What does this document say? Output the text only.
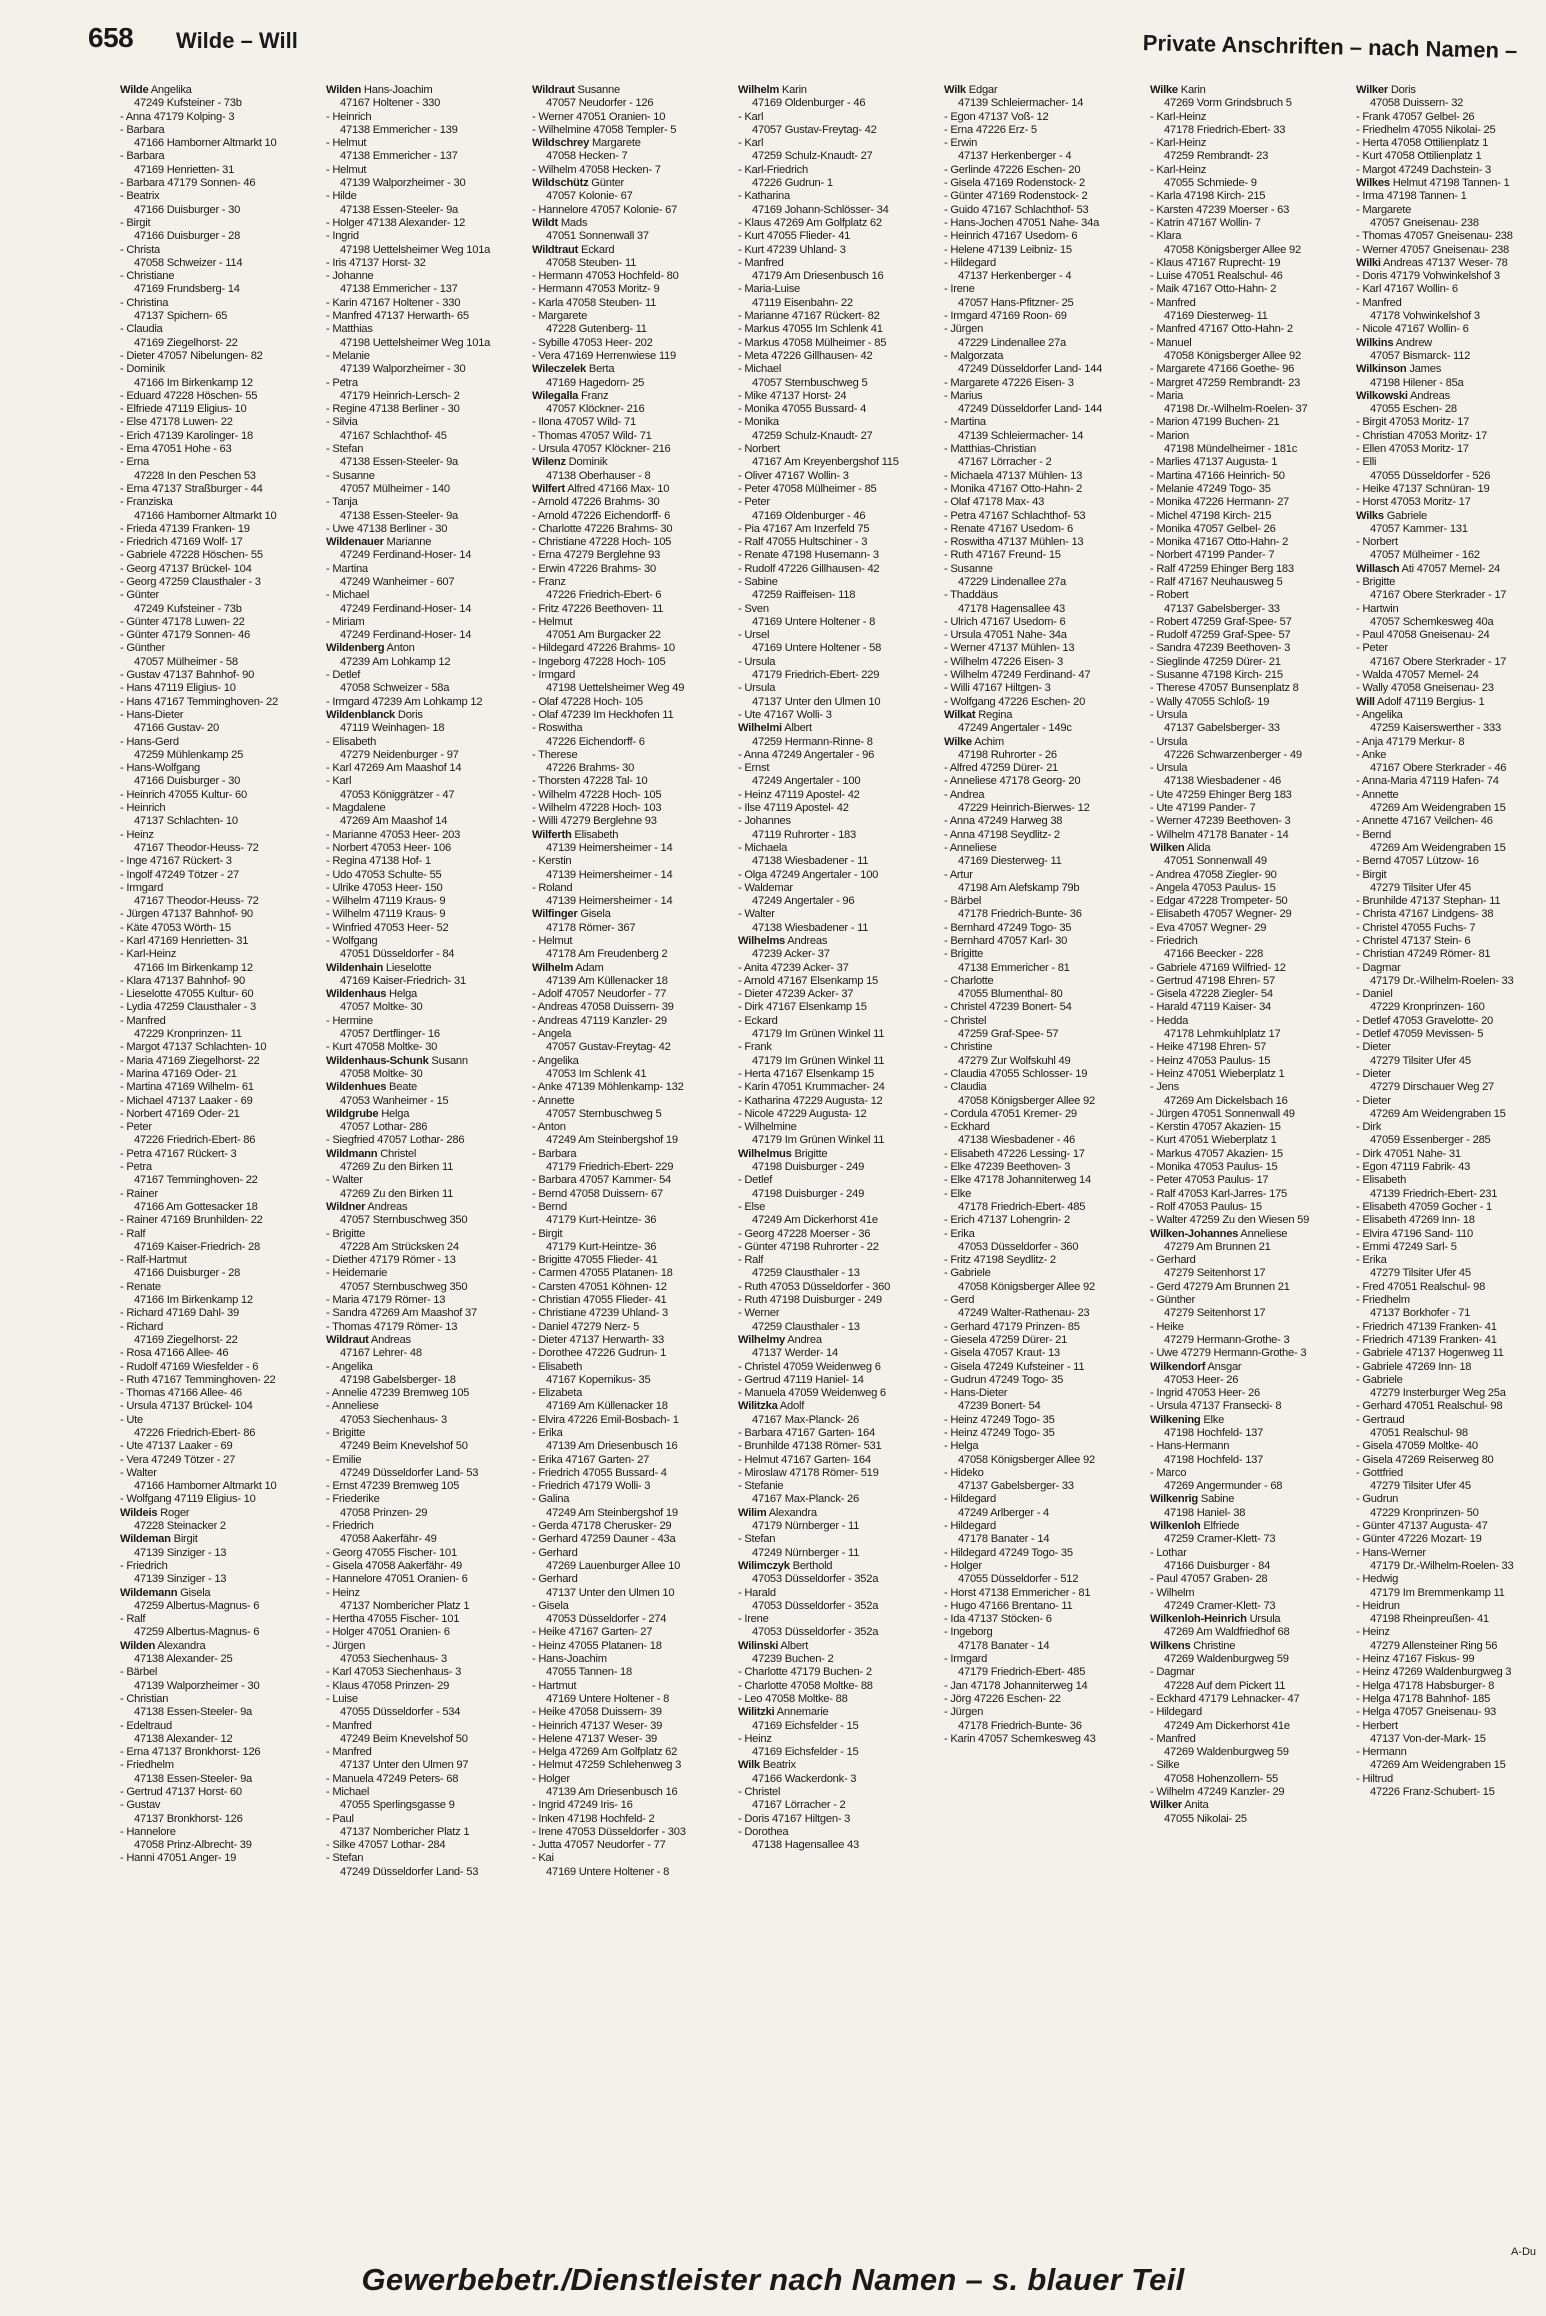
658 Wilde – Will	Private Anschriften – nach Namen –
Wilde Angelika
47249 Kufsteiner - 73b
- Anna 47179 Kolping- 3
- Barbara
47166 Hamborner Altmarkt 10
- Barbara
47169 Henrietten- 31
- Barbara 47179 Sonnen- 46
- Beatrix
47166 Duisburger - 30
- Birgit
47166 Duisburger - 28
- Christa
47058 Schweizer - 114
- Christiane
47169 Frundsberg- 14
- Christina
47137 Spichern- 65
- Claudia
47169 Ziegelhorst- 22
- Dieter 47057 Nibelungen- 82
- Dominik
47166 Im Birkenkamp 12
- Eduard 47228 Höschen- 55
- Elfriede 47119 Eligius- 10
- Else 47178 Luwen- 22
- Erich 47139 Karolinger- 18
- Erna 47051 Hohe - 63
- Erna
47228 In den Peschen 53
- Erna 47137 Straßburger - 44
- Franziska
47166 Hamborner Altmarkt 10
- Frieda 47139 Franken- 19
- Friedrich 47169 Wolf- 17
- Gabriele 47228 Höschen- 55
- Georg 47137 Brückel- 104
- Georg 47259 Clausthaler - 3
- Günter
47249 Kufsteiner - 73b
- Günter 47178 Luwen- 22
- Günter 47179 Sonnen- 46
- Günther
47057 Mülheimer - 58
- Gustav 47137 Bahnhof- 90
- Hans 47119 Eligius- 10
- Hans 47167 Temminghoven- 22
- Hans-Dieter
47166 Gustav- 20
- Hans-Gerd
47259 Mühlenkamp 25
- Hans-Wolfgang
47166 Duisburger - 30
- Heinrich 47055 Kultur- 60
- Heinrich
47137 Schlachten- 10
- Heinz
47167 Theodor-Heuss- 72
- Inge 47167 Rückert- 3
- Ingolf 47249 Tötzer - 27
- Irmgard
47167 Theodor-Heuss- 72
- Jürgen 47137 Bahnhof- 90
- Käte 47053 Wörth- 15
- Karl 47169 Henrietten- 31
- Karl-Heinz
47166 Im Birkenkamp 12
- Klara 47137 Bahnhof- 90
- Lieselotte 47055 Kultur- 60
- Lydia 47259 Clausthaler - 3
- Manfred
47229 Kronprinzen- 11
- Margot 47137 Schlachten- 10
- Maria 47169 Ziegelhorst- 22
- Marina 47169 Oder- 21
- Martina 47169 Wilhelm- 61
- Michael 47137 Laaker - 69
- Norbert 47169 Oder- 21
- Peter
47226 Friedrich-Ebert- 86
- Petra 47167 Rückert- 3
- Petra
47167 Temminghoven- 22
- Rainer
47166 Am Gottesacker 18
- Rainer 47169 Brunhilden- 22
- Ralf
47169 Kaiser-Friedrich- 28
- Ralf-Hartmut
47166 Duisburger - 28
- Renate
47166 Im Birkenkamp 12
- Richard 47169 Dahl- 39
- Richard
47169 Ziegelhorst- 22
- Rosa 47166 Allee- 46
- Rudolf 47169 Wiesfelder - 6
- Ruth 47167 Temminghoven- 22
- Thomas 47166 Allee- 46
- Ursula 47137 Brückel- 104
- Ute
47226 Friedrich-Ebert- 86
- Ute 47137 Laaker - 69
- Vera 47249 Tötzer - 27
- Walter
47166 Hamborner Altmarkt 10
- Wolfgang 47119 Eligius- 10
Wildeis Roger
47228 Steinacker 2
Wildeman Birgit
47139 Sinziger - 13
- Friedrich
47139 Sinziger - 13
Wildemann Gisela
47259 Albertus-Magnus- 6
- Ralf
47259 Albertus-Magnus- 6
Wilden Alexandra
47138 Alexander- 25
- Bärbel
47139 Walporzheimer - 30
- Christian
47138 Essen-Steeler- 9a
- Edeltraud
47138 Alexander- 12
- Erna 47137 Bronkhorst- 126
- Friedhelm
47138 Essen-Steeler- 9a
- Gertrud 47137 Horst- 60
- Gustav
47137 Bronkhorst- 126
- Hannelore
47058 Prinz-Albrecht- 39
- Hanni 47051 Anger- 19
Wilden Hans-Joachim
47167 Holtener - 330
- Heinrich
47138 Emmericher - 139
- Helmut
47138 Emmericher - 137
- Helmut
47139 Walporzheimer - 30
- Hilde
47138 Essen-Steeler- 9a
- Holger 47138 Alexander- 12
- Ingrid
47198 Uettelsheimer Weg 101a
- Iris 47137 Horst- 32
- Johanne
47138 Emmericher - 137
- Karin 47167 Holtener - 330
- Manfred 47137 Herwarth- 65
- Matthias
47198 Uettelsheimer Weg 101a
- Melanie
47139 Walporzheimer - 30
- Petra
47179 Heinrich-Lersch- 2
- Regine 47138 Berliner - 30
- Silvia
47167 Schlachthof- 45
- Stefan
47138 Essen-Steeler- 9a
- Susanne
47057 Mülheimer - 140
- Tanja
47138 Essen-Steeler- 9a
- Uwe 47138 Berliner - 30
Wildenauer Marianne
47249 Ferdinand-Hoser- 14
- Martina
47249 Wanheimer - 607
- Michael
47249 Ferdinand-Hoser- 14
- Miriam
47249 Ferdinand-Hoser- 14
Wildenberg Anton
47239 Am Lohkamp 12
- Detlef
47058 Schweizer - 58a
- Irmgard 47239 Am Lohkamp 12
Wildenblanck Doris
47119 Weinhagen- 18
- Elisabeth
47279 Neidenburger - 97
- Karl 47269 Am Maashof 14
- Karl
47053 Königgrätzer - 47
- Magdalene
47269 Am Maashof 14
- Marianne 47053 Heer- 203
- Norbert 47053 Heer- 106
- Regina 47138 Hof- 1
- Udo 47053 Schulte- 55
- Ulrike 47053 Heer- 150
- Wilhelm 47119 Kraus- 9
- Wilhelm 47119 Kraus- 9
- Winfried 47053 Heer- 52
- Wolfgang
47051 Düsseldorfer - 84
Wildenhain Lieselotte
47169 Kaiser-Friedrich- 31
Wildenhaus Helga
47057 Moltke- 30
- Hermine
47057 Dertflinger- 16
- Kurt 47058 Moltke- 30
Wildenhaus-Schunk Susann
47058 Moltke- 30
Wildenhues Beate
47053 Wanheimer - 15
Wildgrube Helga
47057 Lothar- 286
- Siegfried 47057 Lothar- 286
Wildmann Christel
47269 Zu den Birken 11
- Walter
47269 Zu den Birken 11
Wildner Andreas
47057 Sternbuschweg 350
- Brigitte
47228 Am Strücksken 24
- Diether 47179 Römer - 13
- Heidemarie
47057 Sternbuschweg 350
- Maria 47179 Römer- 13
- Sandra 47269 Am Maashof 37
- Thomas 47179 Römer- 13
Wildraut Andreas
47167 Lehrer- 48
- Angelika
47198 Gabelsberger- 18
- Annelie 47239 Bremweg 105
- Anneliese
47053 Siechenhaus- 3
- Brigitte
47249 Beim Knevelshof 50
- Emilie
47249 Düsseldorfer Land- 53
- Ernst 47239 Bremweg 105
- Friederike
47058 Prinzen- 29
- Friedrich
47058 Aakerfähr- 49
- Georg 47055 Fischer- 101
- Gisela 47058 Aakerfähr- 49
- Hannelore 47051 Oranien- 6
- Heinz
47137 Nombericher Platz 1
- Hertha 47055 Fischer- 101
- Holger 47051 Oranien- 6
- Jürgen
47053 Siechenhaus- 3
- Karl 47053 Siechenhaus- 3
- Klaus 47058 Prinzen- 29
- Luise
47055 Düsseldorfer - 534
- Manfred
47249 Beim Knevelshof 50
- Manfred
47137 Unter den Ulmen 97
- Manuela 47249 Peters- 68
- Michael
47055 Sperlingsgasse 9
- Paul
47137 Nombericher Platz 1
- Silke 47057 Lothar- 284
- Stefan
47249 Düsseldorfer Land- 53
Wildraut Susanne
47057 Neudorfer - 126
- Werner 47051 Oranien- 10
- Wilhelmine 47058 Templer- 5
Wildschrey Margarete
47058 Hecken- 7
- Wilhelm 47058 Hecken- 7
Wildschütz Günter
47057 Kolonie- 67
- Hannelore 47057 Kolonie- 67
Wildt Mads
47051 Sonnenwall 37
Wildtraut Eckard
47058 Steuben- 11
- Hermann 47053 Hochfeld- 80
- Hermann 47053 Moritz- 9
- Karla 47058 Steuben- 11
- Margarete
47228 Gutenberg- 11
- Sybille 47053 Heer- 202
- Vera 47169 Herrenwiese 119
Wileczelek Berta
47169 Hagedorn- 25
Wilegalla Franz
47057 Klöckner- 216
- Ilona 47057 Wild- 71
- Thomas 47057 Wild- 71
- Ursula 47057 Klöckner- 216
Wilenz Dominik
47138 Oberhauser - 8
Wilfert Alfred 47166 Max- 10
- Arnold 47226 Brahms- 30
- Arnold 47226 Eichendorff- 6
- Charlotte 47226 Brahms- 30
- Christiane 47228 Hoch- 105
- Erna 47279 Berglehne 93
- Erwin 47226 Brahms- 30
- Franz
47226 Friedrich-Ebert- 6
- Fritz 47226 Beethoven- 11
- Helmut
47051 Am Burgacker 22
- Hildegard 47226 Brahms- 10
- Ingeborg 47228 Hoch- 105
- Irmgard
47198 Uettelsheimer Weg 49
- Olaf 47228 Hoch- 105
- Olaf 47239 Im Heckhofen 11
- Roswitha
47226 Eichendorff- 6
- Therese
47226 Brahms- 30
- Thorsten 47228 Tal- 10
- Wilhelm 47228 Hoch- 105
- Wilhelm 47228 Hoch- 103
- Willi 47279 Berglehne 93
Wilferth Elisabeth
47139 Heimersheimer - 14
- Kerstin
47139 Heimersheimer - 14
- Roland
47139 Heimersheimer - 14
Wilfinger Gisela
47178 Römer- 367
- Helmut
47178 Am Freudenberg 2
Wilhelm Adam
47139 Am Küllenacker 18
- Adolf 47057 Neudorfer - 77
- Andreas 47058 Duissern- 39
- Andreas 47119 Kanzler- 29
- Angela
47057 Gustav-Freytag- 42
- Angelika
47053 Im Schlenk 41
- Anke 47139 Möhlenkamp- 132
- Annette
47057 Sternbuschweg 5
- Anton
47249 Am Steinbergshof 19
- Barbara
47179 Friedrich-Ebert- 229
- Barbara 47057 Kammer- 54
- Bernd 47058 Duissern- 67
- Bernd
47179 Kurt-Heintze- 36
- Birgit
47179 Kurt-Heintze- 36
- Brigitte 47055 Flieder- 41
- Carmen 47055 Platanen- 18
- Carsten 47051 Köhnen- 12
- Christian 47055 Flieder- 41
- Christiane 47239 Uhland- 3
- Daniel 47279 Nerz- 5
- Dieter 47137 Herwarth- 33
- Dorothee 47226 Gudrun- 1
- Elisabeth
47167 Kopernikus- 35
- Elizabeta
47169 Am Küllenacker 18
- Elvira 47226 Emil-Bosbach- 1
- Erika
47139 Am Driesenbusch 16
- Erika 47167 Garten- 27
- Friedrich 47055 Bussard- 4
- Friedrich 47179 Wolli- 3
- Galina
47249 Am Steinbergshof 19
- Gerda 47178 Cherusker- 29
- Gerhard 47259 Dauner - 43a
- Gerhard
47269 Lauenburger Allee 10
- Gerhard
47137 Unter den Ulmen 10
- Gisela
47053 Düsseldorfer - 274
- Heike 47167 Garten- 27
- Heinz 47055 Platanen- 18
- Hans-Joachim
47055 Tannen- 18
- Hartmut
47169 Untere Holtener - 8
- Heike 47058 Duissern- 39
- Heinrich 47137 Weser- 39
- Helene 47137 Weser- 39
- Helga 47269 Am Golfplatz 62
- Helmut 47259 Schlehenweg 3
- Holger
47139 Am Driesenbusch 16
- Ingrid 47249 Iris- 16
- Inken 47198 Hochfeld- 2
- Irene 47053 Düsseldorfer - 303
- Jutta 47057 Neudorfer - 77
- Kai
47169 Untere Holtener - 8
Wilhelm Karin
47169 Oldenburger - 46
- Karl
47057 Gustav-Freytag- 42
- Karl
47259 Schulz-Knaudt- 27
- Karl-Friedrich
47226 Gudrun- 1
- Katharina
47169 Johann-Schlösser- 34
- Klaus 47269 Am Golfplatz 62
- Kurt 47055 Flieder- 41
- Kurt 47239 Uhland- 3
- Manfred
47179 Am Driesenbusch 16
- Maria-Luise
47119 Eisenbahn- 22
- Marianne 47167 Rückert- 82
- Markus 47055 Im Schlenk 41
- Markus 47058 Mülheimer - 85
- Meta 47226 Gillhausen- 42
- Michael
47057 Sternbuschweg 5
- Mike 47137 Horst- 24
- Monika 47055 Bussard- 4
- Monika
47259 Schulz-Knaudt- 27
- Norbert
47167 Am Kreyenbergshof 115
- Oliver 47167 Wollin- 3
- Peter 47058 Mülheimer - 85
- Peter
47169 Oldenburger - 46
- Pia 47167 Am Inzerfeld 75
- Ralf 47055 Hultschiner - 3
- Renate 47198 Husemann- 3
- Rudolf 47226 Gillhausen- 42
- Sabine
47259 Raiffeisen- 118
- Sven
47169 Untere Holtener - 8
- Ursel
47169 Untere Holtener - 58
- Ursula
47179 Friedrich-Ebert- 229
- Ursula
47137 Unter den Ulmen 10
- Ute 47167 Wolli- 3
Wilhelmi Albert
47259 Hermann-Rinne- 8
- Anna 47249 Angertaler - 96
- Ernst
47249 Angertaler - 100
- Heinz 47119 Apostel- 42
- Ilse 47119 Apostel- 42
- Johannes
47119 Ruhrorter - 183
- Michaela
47138 Wiesbadener - 11
- Olga 47249 Angertaler - 100
- Waldemar
47249 Angertaler - 96
- Walter
47138 Wiesbadener - 11
Wilhelms Andreas
47239 Acker- 37
- Anita 47239 Acker- 37
- Arnold 47167 Elsenkamp 15
- Dieter 47239 Acker- 37
- Dirk 47167 Elsenkamp 15
- Eckard
47179 Im Grünen Winkel 11
- Frank
47179 Im Grünen Winkel 11
- Herta 47167 Elsenkamp 15
- Karin 47051 Krummacher- 24
- Katharina 47229 Augusta- 12
- Nicole 47229 Augusta- 12
- Wilhelmine
47179 Im Grünen Winkel 11
Wilhelmus Brigitte
47198 Duisburger - 249
- Detlef
47198 Duisburger - 249
- Else
47249 Am Dickerhorst 41e
- Georg 47228 Moerser - 36
- Günter 47198 Ruhrorter - 22
- Ralf
47259 Clausthaler - 13
- Ruth 47053 Düsseldorfer - 360
- Ruth 47198 Duisburger - 249
- Werner
47259 Clausthaler - 13
Wilhelmy Andrea
47137 Werder- 14
- Christel 47059 Weidenweg 6
- Gertrud 47119 Haniel- 14
- Manuela 47059 Weidenweg 6
Wilitzka Adolf
47167 Max-Planck- 26
- Barbara 47167 Garten- 164
- Brunhilde 47138 Römer- 531
- Helmut 47167 Garten- 164
- Miroslaw 47178 Römer- 519
- Stefanie
47167 Max-Planck- 26
Wilim Alexandra
47179 Nürnberger - 11
- Stefan
47249 Nürnberger - 11
Wilimczyk Berthold
47053 Düsseldorfer - 352a
- Harald
47053 Düsseldorfer - 352a
- Irene
47053 Düsseldorfer - 352a
Wilinski Albert
47239 Buchen- 2
- Charlotte 47179 Buchen- 2
- Charlotte 47058 Moltke- 88
- Leo 47058 Moltke- 88
Wilitzki Annemarie
47169 Eichsfelder - 15
- Heinz
47169 Eichsfelder - 15
Wilk Beatrix
47166 Wackerdonk- 3
- Christel
47167 Lörracher - 2
- Doris 47167 Hiltgen- 3
- Dorothea
47138 Hagensallee 43
Wilk Edgar
47139 Schleiermacher- 14
- Egon 47137 Voß- 12
- Erna 47226 Erz- 5
- Erwin
47137 Herkenberger - 4
- Gerlinde 47226 Eschen- 20
- Gisela 47169 Rodenstock- 2
- Günter 47169 Rodenstock- 2
- Guido 47167 Schlachthof- 53
- Hans-Jochen 47051 Nahe- 34a
- Heinrich 47167 Usedom- 6
- Helene 47139 Leibniz- 15
- Hildegard
47137 Herkenberger - 4
- Irene
47057 Hans-Pfitzner- 25
- Irmgard 47169 Roon- 69
- Jürgen
47229 Lindenallee 27a
- Malgorzata
47249 Düsseldorfer Land- 144
- Margarete 47226 Eisen- 3
- Marius
47249 Düsseldorfer Land- 144
- Martina
47139 Schleiermacher- 14
- Matthias-Christian
47167 Lörracher - 2
- Michaela 47137 Mühlen- 13
- Monika 47167 Otto-Hahn- 2
- Olaf 47178 Max- 43
- Petra 47167 Schlachthof- 53
- Renate 47167 Usedom- 6
- Roswitha 47137 Mühlen- 13
- Ruth 47167 Freund- 15
- Susanne
47229 Lindenallee 27a
- Thaddäus
47178 Hagensallee 43
- Ulrich 47167 Usedom- 6
- Ursula 47051 Nahe- 34a
- Werner 47137 Mühlen- 13
- Wilhelm 47226 Eisen- 3
- Wilhelm 47249 Ferdinand- 47
- Willi 47167 Hiltgen- 3
- Wolfgang 47226 Eschen- 20
Wilkat Regina
47249 Angertaler - 149c
Wilke Achim
47198 Ruhrorter - 26
- Alfred 47259 Dürer- 21
- Anneliese 47178 Georg- 20
- Andrea
47229 Heinrich-Bierwes- 12
- Anna 47249 Harweg 38
- Anna 47198 Seydlitz- 2
- Anneliese
47169 Diesterweg- 11
- Artur
47198 Am Alefskamp 79b
- Bärbel
47178 Friedrich-Bunte- 36
- Bernhard 47249 Togo- 35
- Bernhard 47057 Karl- 30
- Brigitte
47138 Emmericher - 81
- Charlotte
47055 Blumenthal- 80
- Christel 47239 Bonert- 54
- Christel
47259 Graf-Spee- 57
- Christine
47279 Zur Wolfskuhl 49
- Claudia 47055 Schlosser- 19
- Claudia
47058 Königsberger Allee 92
- Cordula 47051 Kremer- 29
- Eckhard
47138 Wiesbadener - 46
- Elisabeth 47226 Lessing- 17
- Elke 47239 Beethoven- 3
- Elke 47178 Johanniterweg 14
- Elke
47178 Friedrich-Ebert- 485
- Erich 47137 Lohengrin- 2
- Erika
47053 Düsseldorfer - 360
- Fritz 47198 Seydlitz- 2
- Gabriele
47058 Königsberger Allee 92
- Gerd
47249 Walter-Rathenau- 23
- Gerhard 47179 Prinzen- 85
- Giesela 47259 Dürer- 21
- Gisela 47057 Kraut- 13
- Gisela 47249 Kufsteiner - 11
- Gudrun 47249 Togo- 35
- Hans-Dieter
47239 Bonert- 54
- Heinz 47249 Togo- 35
- Heinz 47249 Togo- 35
- Helga
47058 Königsberger Allee 92
- Hideko
47137 Gabelsberger- 33
- Hildegard
47249 Arlberger - 4
- Hildegard
47178 Banater - 14
- Hildegard 47249 Togo- 35
- Holger
47055 Düsseldorfer - 512
- Horst 47138 Emmericher - 81
- Hugo 47166 Brentano- 11
- Ida 47137 Stöcken- 6
- Ingeborg
47178 Banater - 14
- Irmgard
47179 Friedrich-Ebert- 485
- Jan 47178 Johanniterweg 14
- Jörg 47226 Eschen- 22
- Jürgen
47178 Friedrich-Bunte- 36
- Karin 47057 Schemkesweg 43
Wilke Karin
47269 Vorm Grindsbruch 5
- Karl-Heinz
47178 Friedrich-Ebert- 33
- Karl-Heinz
47259 Rembrandt- 23
- Karl-Heinz
47055 Schmiede- 9
- Karla 47198 Kirch- 215
- Karsten 47239 Moerser - 63
- Katrin 47167 Wollin- 7
- Klara
47058 Königsberger Allee 92
- Klaus 47167 Ruprecht- 19
- Luise 47051 Realschul- 46
- Maik 47167 Otto-Hahn- 2
- Manfred
47169 Diesterweg- 11
- Manfred 47167 Otto-Hahn- 2
- Manuel
47058 Königsberger Allee 92
- Margarete 47166 Goethe- 96
- Margret 47259 Rembrandt- 23
- Maria
47198 Dr.-Wilhelm-Roelen- 37
- Marion 47199 Buchen- 21
- Marion
47198 Mündelheimer - 181c
- Marlies 47137 Augusta- 1
- Martina 47166 Heinrich- 50
- Melanie 47249 Togo- 35
- Monika 47226 Hermann- 27
- Michel 47198 Kirch- 215
- Monika 47057 Gelbel- 26
- Monika 47167 Otto-Hahn- 2
- Norbert 47199 Pander- 7
- Ralf 47259 Ehinger Berg 183
- Ralf 47167 Neuhausweg 5
- Robert
47137 Gabelsberger- 33
- Robert 47259 Graf-Spee- 57
- Rudolf 47259 Graf-Spee- 57
- Sandra 47239 Beethoven- 3
- Sieglinde 47259 Dürer- 21
- Susanne 47198 Kirch- 215
- Therese 47057 Bunsenplatz 8
- Wally 47055 Schloß- 19
- Ursula
47137 Gabelsberger- 33
- Ursula
47226 Schwarzenberger - 49
- Ursula
47138 Wiesbadener - 46
- Ute 47259 Ehinger Berg 183
- Ute 47199 Pander- 7
- Werner 47239 Beethoven- 3
- Wilhelm 47178 Banater - 14
Wilken Alida
47051 Sonnenwall 49
- Andrea 47058 Ziegler- 90
- Angela 47053 Paulus- 15
- Edgar 47228 Trompeter- 50
- Elisabeth 47057 Wegner- 29
- Eva 47057 Wegner- 29
- Friedrich
47166 Beecker - 228
- Gabriele 47169 Wilfried- 12
- Gertrud 47198 Ehren- 57
- Gisela 47228 Ziegler- 54
- Harald 47119 Kaiser- 34
- Hedda
47178 Lehmkuhlplatz 17
- Heike 47198 Ehren- 57
- Heinz 47053 Paulus- 15
- Heinz 47051 Wieberplatz 1
- Jens
47269 Am Dickelsbach 16
- Jürgen 47051 Sonnenwall 49
- Kerstin 47057 Akazien- 15
- Kurt 47051 Wieberplatz 1
- Markus 47057 Akazien- 15
- Monika 47053 Paulus- 15
- Peter 47053 Paulus- 17
- Ralf 47053 Karl-Jarres- 175
- Rolf 47053 Paulus- 15
- Walter 47259 Zu den Wiesen 59
Wilken-Johannes Anneliese
47279 Am Brunnen 21
- Gerhard
47279 Seitenhorst 17
- Gerd 47279 Am Brunnen 21
- Günther
47279 Seitenhorst 17
- Heike
47279 Hermann-Grothe- 3
- Uwe 47279 Hermann-Grothe- 3
Wilkendorf Ansgar
47053 Heer- 26
- Ingrid 47053 Heer- 26
- Ursula 47137 Fransecki- 8
Wilkening Elke
47198 Hochfeld- 137
- Hans-Hermann
47198 Hochfeld- 137
- Marco
47269 Angermunder - 68
Wilkenrig Sabine
47198 Haniel- 38
Wilkenloh Elfriede
47259 Cramer-Klett- 73
- Lothar
47166 Duisburger - 84
- Paul 47057 Graben- 28
- Wilhelm
47249 Cramer-Klett- 73
Wilkenloh-Heinrich Ursula
47269 Am Waldfriedhof 68
Wilkens Christine
47269 Waldenburgweg 59
- Dagmar
47228 Auf dem Pickert 11
- Eckhard 47179 Lehnacker- 47
- Hildegard
47249 Am Dickerhorst 41e
- Manfred
47269 Waldenburgweg 59
- Silke
47058 Hohenzollern- 55
- Wilhelm 47249 Kanzler- 29
Wilker Anita
47055 Nikolai- 25
Wilker Doris
47058 Duissern- 32
- Frank 47057 Gelbel- 26
- Friedhelm 47055 Nikolai- 25
- Herta 47058 Ottilienplatz 1
- Kurt 47058 Ottilienplatz 1
- Margot 47249 Dachstein- 3
Wilkes Helmut 47198 Tannen- 1
- Irma 47198 Tannen- 1
- Margarete
47057 Gneisenau- 238
- Thomas 47057 Gneisenau- 238
- Werner 47057 Gneisenau- 238
Wilki Andreas 47137 Weser- 78
- Doris 47179 Vohwinkelshof 3
- Karl 47167 Wollin- 6
- Manfred
47178 Vohwinkelshof 3
- Nicole 47167 Wollin- 6
Wilkins Andrew
47057 Bismarck- 112
Wilkinson James
47198 Hilener - 85a
Wilkowski Andreas
47055 Eschen- 28
- Birgit 47053 Moritz- 17
- Christian 47053 Moritz- 17
- Ellen 47053 Moritz- 17
- Elli
47055 Düsseldorfer - 526
- Heike 47137 Schnüran- 19
- Horst 47053 Moritz- 17
Wilks Gabriele
47057 Kammer- 131
- Norbert
47057 Mülheimer - 162
Willasch Ati 47057 Memel- 24
- Brigitte
47167 Obere Sterkrader - 17
- Hartwin
47057 Schemkesweg 40a
- Paul 47058 Gneisenau- 24
- Peter
47167 Obere Sterkrader - 17
- Walda 47057 Memel- 24
- Wally 47058 Gneisenau- 23
Will Adolf 47119 Bergius- 1
- Angelika
47259 Kaiserswerther - 333
- Anja 47179 Merkur- 8
- Anke
47167 Obere Sterkrader - 46
- Anna-Maria 47119 Hafen- 74
- Annette
47269 Am Weidengraben 15
- Annette 47167 Veilchen- 46
- Bernd
47269 Am Weidengraben 15
- Bernd 47057 Lützow- 16
- Birgit
47279 Tilsiter Ufer 45
- Brunhilde 47137 Stephan- 11
- Christa 47167 Lindgens- 38
- Christel 47055 Fuchs- 7
- Christel 47137 Stein- 6
- Christian 47249 Römer- 81
- Dagmar
47179 Dr.-Wilhelm-Roelen- 33
- Daniel
47229 Kronprinzen- 160
- Detlef 47053 Gravelotte- 20
- Detlef 47059 Mevissen- 5
- Dieter
47279 Tilsiter Ufer 45
- Dieter
47279 Dirschauer Weg 27
- Dieter
47269 Am Weidengraben 15
- Dirk
47059 Essenberger - 285
- Dirk 47051 Nahe- 31
- Egon 47119 Fabrik- 43
- Elisabeth
47139 Friedrich-Ebert- 231
- Elisabeth 47059 Gocher - 1
- Elisabeth 47269 Inn- 18
- Elvira 47196 Sand- 110
- Emmi 47249 Sarl- 5
- Erika
47279 Tilsiter Ufer 45
- Fred 47051 Realschul- 98
- Friedhelm
47137 Borkhofer - 71
- Friedrich 47139 Franken- 41
- Friedrich 47139 Franken- 41
- Gabriele 47137 Hogenweg 11
- Gabriele 47269 Inn- 18
- Gabriele
47279 Insterburger Weg 25a
- Gerhard 47051 Realschul- 98
- Gertraud
47051 Realschul- 98
- Gisela 47059 Moltke- 40
- Gisela 47269 Reiserweg 80
- Gottfried
47279 Tilsiter Ufer 45
- Gudrun
47229 Kronprinzen- 50
- Günter 47137 Augusta- 47
- Günter 47226 Mozart- 19
- Hans-Werner
47179 Dr.-Wilhelm-Roelen- 33
- Hedwig
47179 Im Bremmenkamp 11
- Heidrun
47198 Rheinpreußen- 41
- Heinz
47279 Allensteiner Ring 56
- Heinz 47167 Fiskus- 99
- Heinz 47269 Waldenburgweg 3
- Helga 47178 Habsburger- 8
- Helga 47178 Bahnhof- 185
- Helga 47057 Gneisenau- 93
- Herbert
47137 Von-der-Mark- 15
- Hermann
47269 Am Weidengraben 15
- Hiltrud
47226 Franz-Schubert- 15
Gewerbebetr./Dienstleister nach Namen – s. blauer Teil
A-Du
